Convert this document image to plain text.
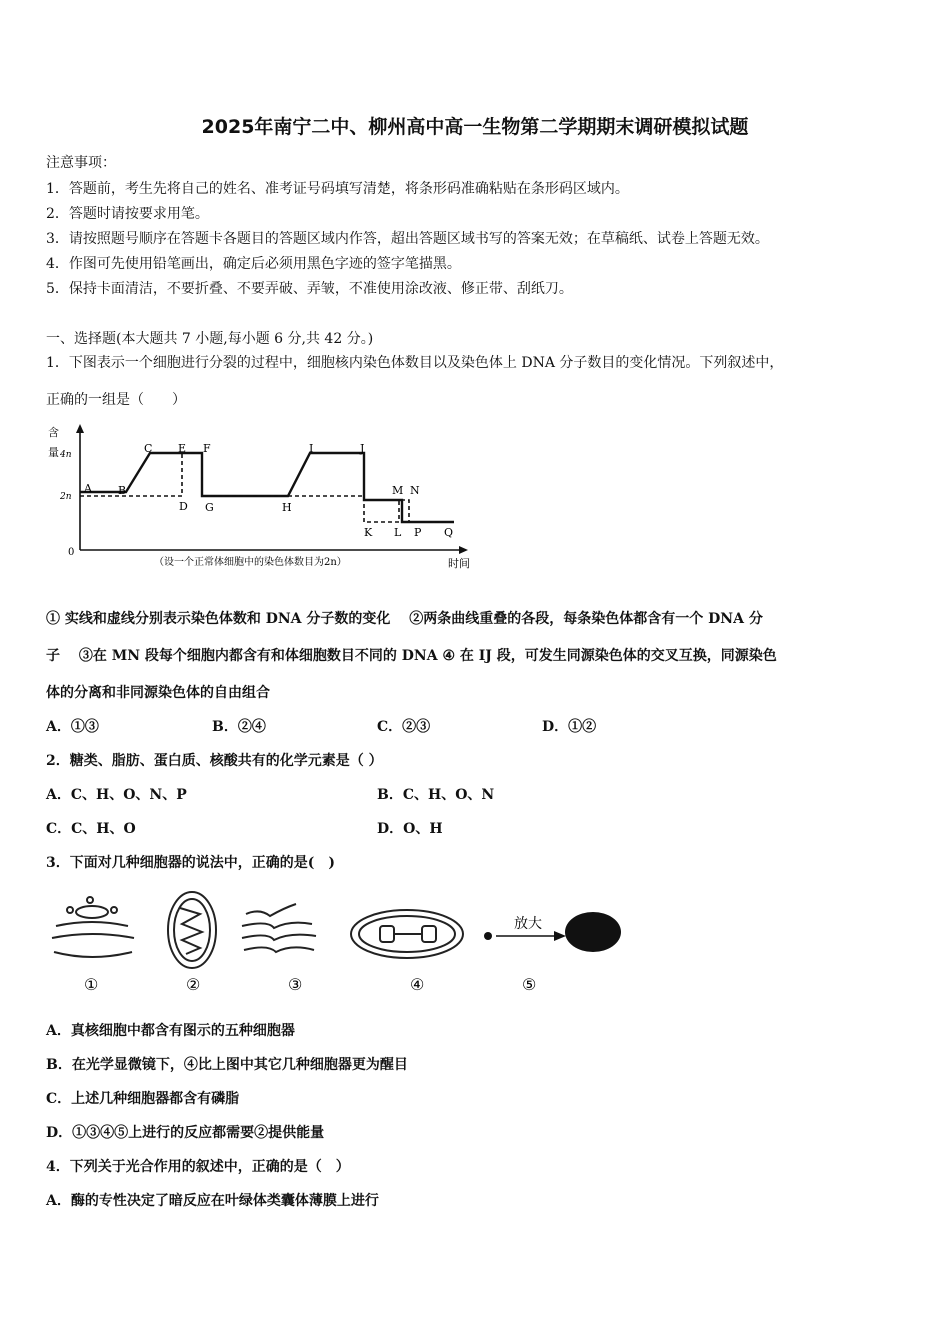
2025年南宁二中、柳州高中高一生物第二学期期末调研模拟试题
注意事项：
1．答题前，考生先将自己的姓名、准考证号码填写清楚，将条形码准确粘贴在条形码区域内。
2．答题时请按要求用笔。
3．请按照题号顺序在答题卡各题目的答题区域内作答，超出答题区域书写的答案无效；在草稿纸、试卷上答题无效。
4．作图可先使用铅笔画出，确定后必须用黑色字迹的签字笔描黑。
5．保持卡面清洁，不要折叠、不要弄破、弄皱，不准使用涂改液、修正带、刮纸刀。
一、选择题(本大题共 7 小题,每小题 6 分,共 42 分。)
1．下图表示一个细胞进行分裂的过程中，细胞核内染色体数目以及染色体上 DNA 分子数目的变化情况。下列叙述中，
正确的一组是（　　）
含
量 4n
2n
0
A B
C
D
E F
G	H
I	J
K L
M N
P Q
（设一个正常体细胞中的染色体数目为2n）	时间
① 实线和虚线分别表示染色体数和 DNA 分子数的变化　 ②两条曲线重叠的各段，每条染色体都含有一个 DNA 分
子　 ③在 MN 段每个细胞内都含有和体细胞数目不同的 DNA ④ 在 IJ 段，可发生同源染色体的交叉互换，同源染色
体的分离和非同源染色体的自由组合
A．①③	B．②④	C．②③	D．①②
2．糖类、脂肪、蛋白质、核酸共有的化学元素是（ ）
A．C、H、O、N、P	B．C、H、O、N
C．C、H、O	D．O、H
3．下面对几种细胞器的说法中，正确的是(　)
放大
①	②	③	④	⑤
A．真核细胞中都含有图示的五种细胞器
B．在光学显微镜下，④比上图中其它几种细胞器更为醒目
C．上述几种细胞器都含有磷脂
D．①③④⑤上进行的反应都需要②提供能量
4．下列关于光合作用的叙述中，正确的是（　）
A．酶的专性决定了暗反应在叶绿体类囊体薄膜上进行
